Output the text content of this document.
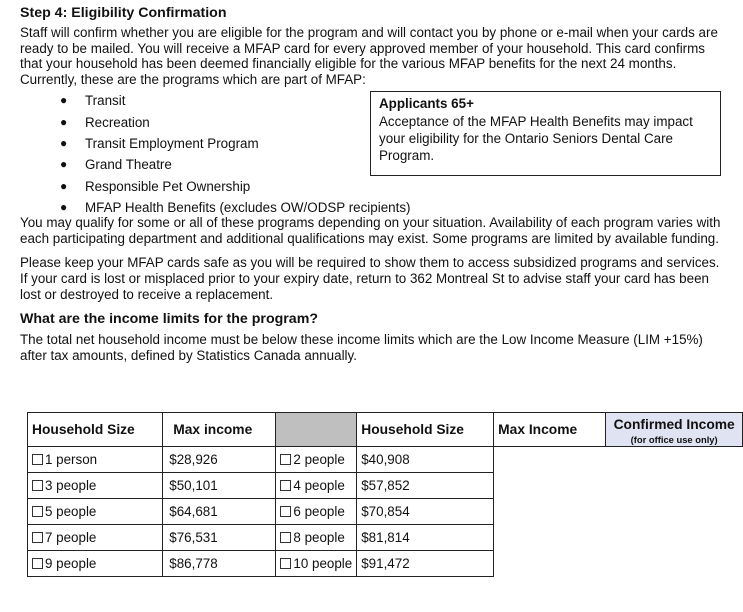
Step 4: Eligibility Confirmation

Staff will confirm whether you are eligible for the program and will contact you by phone or e-mail when your cards are ready to be mailed. You will receive a MFAP card for every approved member of your household. This card confirms that your household has been deemed financially eligible for the various MFAP benefits for the next 24 months. Currently, these are the programs which are part of MFAP:

● Transit
● Recreation
● Transit Employment Program
● Grand Theatre
● Responsible Pet Ownership
● MFAP Health Benefits (excludes OW/ODSP recipients)

Applicants 65+

Acceptance of the MFAP Health Benefits may impact your eligibility for the Ontario Seniors Dental Care Program.

You may qualify for some or all of these programs depending on your situation. Availability of each program varies with each participating department and additional qualifications may exist. Some programs are limited by available funding.

Please keep your MFAP cards safe as you will be required to show them to access subsidized programs and services. If your card is lost or misplaced prior to your expiry date, return to 362 Montreal St to advise staff your card has been lost or destroyed to receive a replacement.

What are the income limits for the program?

The total net household income must be below these income limits which are the Low Income Measure (LIM +15%) after tax amounts, defined by Statistics Canada annually.

Household Size	Max income		Household Size	Max Income	Confirmed Income
(for office use only)

1 person	$28,926	2 people	$40,908		

3 people	$50,101	4 people	$57,852		

5 people	$64,681	6 people	$70,854		

7 people	$76,531	8 people	$81,814		

9 people	$86,778	10 people	$91,472		
